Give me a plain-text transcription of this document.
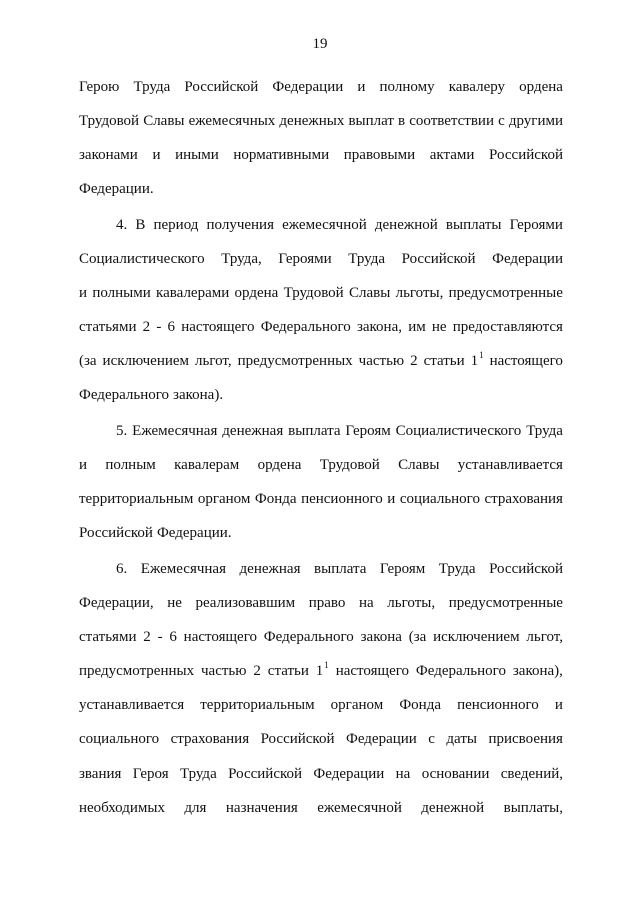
19
Герою Труда Российской Федерации и полному кавалеру ордена
Трудовой Славы ежемесячных денежных выплат в соответствии с другими
законами и иными нормативными правовыми актами Российской
Федерации.
4. В период получения ежемесячной денежной выплаты Героями
Социалистического Труда, Героями Труда Российской Федерации
и полными кавалерами ордена Трудовой Славы льготы, предусмотренные
статьями 2 - 6 настоящего Федерального закона, им не предоставляются
(за исключением льгот, предусмотренных частью 2 статьи 1$^1$ настоящего
Федерального закона).
5. Ежемесячная денежная выплата Героям Социалистического Труда
и полным кавалерам ордена Трудовой Славы устанавливается
территориальным органом Фонда пенсионного и социального страхования
Российской Федерации.
6. Ежемесячная денежная выплата Героям Труда Российской
Федерации, не реализовавшим право на льготы, предусмотренные
статьями 2 - 6 настоящего Федерального закона (за исключением льгот,
предусмотренных частью 2 статьи 1$^1$ настоящего Федерального закона),
устанавливается территориальным органом Фонда пенсионного и
социального страхования Российской Федерации с даты присвоения
звания Героя Труда Российской Федерации на основании сведений,
необходимых для назначения ежемесячной денежной выплаты,
